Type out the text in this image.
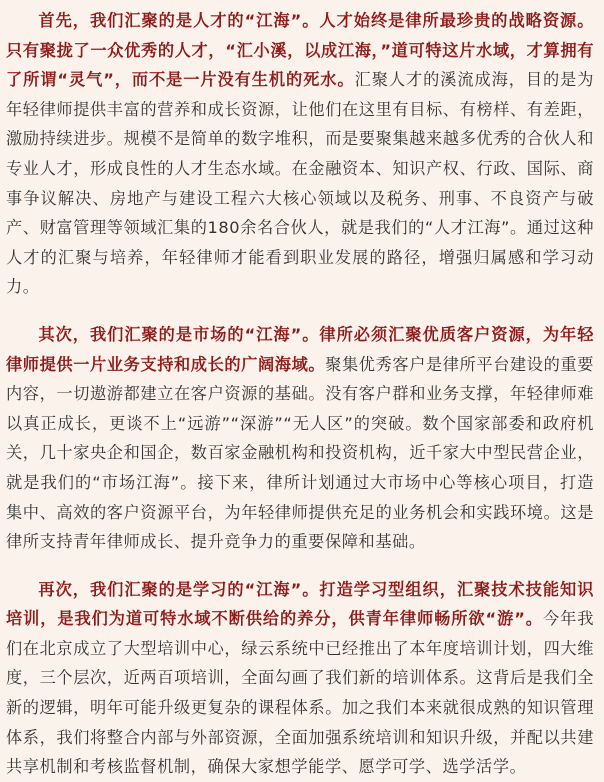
首先，我们汇聚的是人才的“江海”。人才始终是律所最珍贵的战略资源。只有聚拢了一众优秀的人才，“汇小溪，以成江海，”道可特这片水域，才算拥有了所谓“灵气”，而不是一片没有生机的死水。汇聚人才的溪流成海，目的是为年轻律师提供丰富的营养和成长资源，让他们在这里有目标、有榜样、有差距，激励持续进步。规模不是简单的数字堆积，而是要聚集越来越多优秀的合伙人和专业人才，形成良性的人才生态水域。在金融资本、知识产权、行政、国际、商事争议解决、房地产与建设工程六大核心领域以及税务、刑事、不良资产与破产、财富管理等领域汇集的180余名合伙人，就是我们的“人才江海”。通过这种人才的汇聚与培养，年轻律师才能看到职业发展的路径，增强归属感和学习动力。

其次，我们汇聚的是市场的“江海”。律所必须汇聚优质客户资源，为年轻律师提供一片业务支持和成长的广阔海域。聚集优秀客户是律所平台建设的重要内容，一切遨游都建立在客户资源的基础。没有客户群和业务支撑，年轻律师难以真正成长，更谈不上“远游”“深游”“无人区”的突破。数个国家部委和政府机关，几十家央企和国企，数百家金融机构和投资机构，近千家大中型民营企业，就是我们的“市场江海”。接下来，律所计划通过大市场中心等核心项目，打造集中、高效的客户资源平台，为年轻律师提供充足的业务机会和实践环境。这是律所支持青年律师成长、提升竞争力的重要保障和基础。

再次，我们汇聚的是学习的“江海”。打造学习型组织，汇聚技术技能知识培训，是我们为道可特水域不断供给的养分，供青年律师畅所欲“游”。今年我们在北京成立了大型培训中心，绿云系统中已经推出了本年度培训计划，四大维度，三个层次，近两百项培训，全面勾画了我们新的培训体系。这背后是我们全新的逻辑，明年可能升级更复杂的课程体系。加之我们本来就很成熟的知识管理体系，我们将整合内部与外部资源，全面加强系统培训和知识升级，并配以共建共享机制和考核监督机制，确保大家想学能学、愿学可学、选学活学。
